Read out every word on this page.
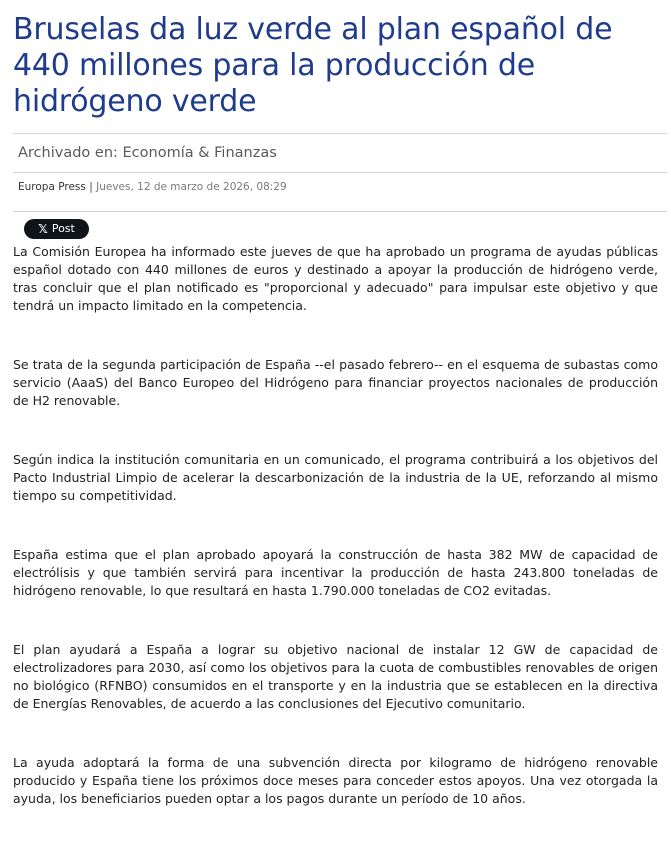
Bruselas da luz verde al plan español de 440 millones para la producción de hidrógeno verde
Archivado en: Economía & Finanzas
Europa Press | Jueves, 12 de marzo de 2026, 08:29
𝕏 Post

La Comisión Europea ha informado este jueves de que ha aprobado un programa de ayudas públicas español dotado con 440 millones de euros y destinado a apoyar la producción de hidrógeno verde, tras concluir que el plan notificado es "proporcional y adecuado" para impulsar este objetivo y que tendrá un impacto limitado en la competencia.

Se trata de la segunda participación de España --el pasado febrero-- en el esquema de subastas como servicio (AaaS) del Banco Europeo del Hidrógeno para financiar proyectos nacionales de producción de H2 renovable.

Según indica la institución comunitaria en un comunicado, el programa contribuirá a los objetivos del Pacto Industrial Limpio de acelerar la descarbonización de la industria de la UE, reforzando al mismo tiempo su competitividad.

España estima que el plan aprobado apoyará la construcción de hasta 382 MW de capacidad de electrólisis y que también servirá para incentivar la producción de hasta 243.800 toneladas de hidrógeno renovable, lo que resultará en hasta 1.790.000 toneladas de CO2 evitadas.

El plan ayudará a España a lograr su objetivo nacional de instalar 12 GW de capacidad de electrolizadores para 2030, así como los objetivos para la cuota de combustibles renovables de origen no biológico (RFNBO) consumidos en el transporte y en la industria que se establecen en la directiva de Energías Renovables, de acuerdo a las conclusiones del Ejecutivo comunitario.

La ayuda adoptará la forma de una subvención directa por kilogramo de hidrógeno renovable producido y España tiene los próximos doce meses para conceder estos apoyos. Una vez otorgada la ayuda, los beneficiarios pueden optar a los pagos durante un período de 10 años.
